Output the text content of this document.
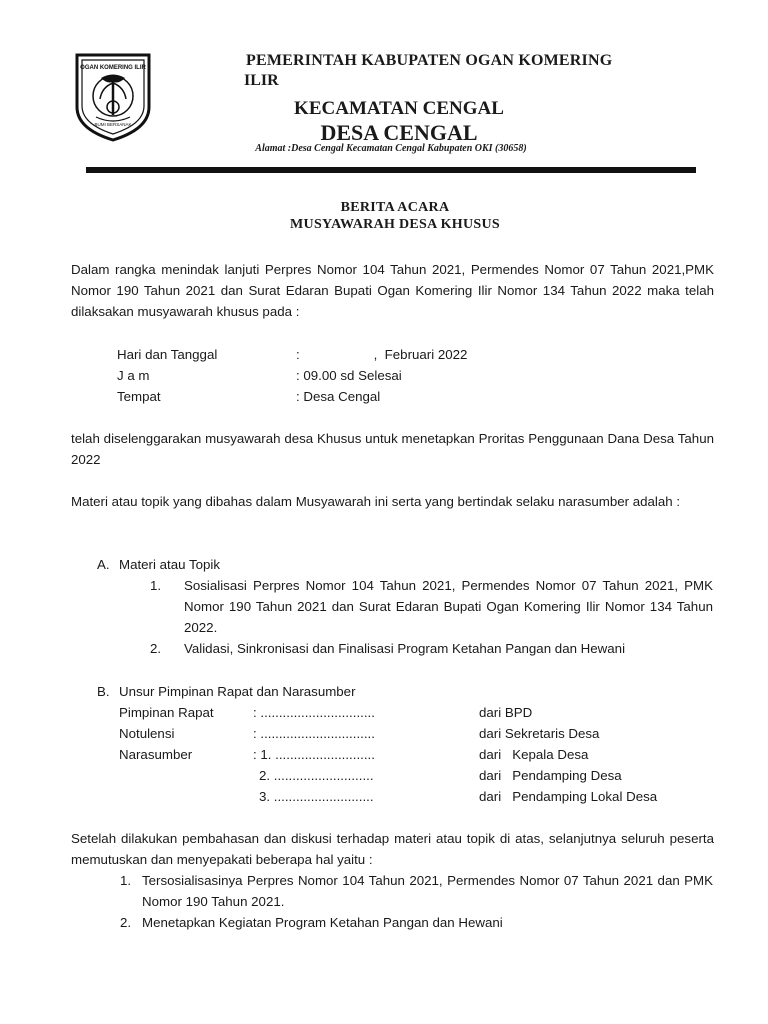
OGAN KOMERING ILIR
BUMI BERSANAK
PEMERINTAH KABUPATEN OGAN KOMERING
ILIR
KECAMATAN CENGAL
DESA CENGAL
Alamat :Desa Cengal Kecamatan Cengal Kabupaten OKI (30658)
BERITA ACARA
MUSYAWARAH DESA KHUSUS
Dalam rangka menindak lanjuti Perpres Nomor 104 Tahun 2021, Permendes Nomor 07 Tahun 2021,PMK Nomor 190 Tahun 2021 dan Surat Edaran Bupati Ogan Komering Ilir Nomor 134 Tahun 2022 maka telah dilaksakan musyawarah khusus pada :
Hari dan Tanggal	:                    ,  Februari 2022
J a m	: 09.00 sd Selesai
Tempat	: Desa Cengal
telah diselenggarakan musyawarah desa Khusus untuk menetapkan Proritas Penggunaan Dana Desa Tahun 2022
Materi atau topik yang dibahas dalam Musyawarah ini serta yang bertindak selaku narasumber adalah :
A. Materi atau Topik
1. Sosialisasi Perpres Nomor 104 Tahun 2021, Permendes Nomor 07 Tahun 2021, PMK Nomor 190 Tahun 2021 dan Surat Edaran Bupati Ogan Komering Ilir Nomor 134 Tahun 2022.
2. Validasi, Sinkronisasi dan Finalisasi Program Ketahan Pangan dan Hewani
B. Unsur Pimpinan Rapat dan Narasumber
Pimpinan Rapat	: ...............................	dari BPD
Notulensi	: ...............................	dari Sekretaris Desa
Narasumber	: 1. ...........................	dari   Kepala Desa
2. ...........................	dari   Pendamping Desa
3. ...........................	dari   Pendamping Lokal Desa
Setelah dilakukan pembahasan dan diskusi terhadap materi atau topik di atas, selanjutnya seluruh peserta  memutuskan dan menyepakati beberapa hal yaitu :
1. Tersosialisasinya Perpres Nomor 104 Tahun 2021, Permendes Nomor 07 Tahun 2021 dan PMK Nomor 190 Tahun 2021.
2. Menetapkan Kegiatan Program Ketahan Pangan dan Hewani
